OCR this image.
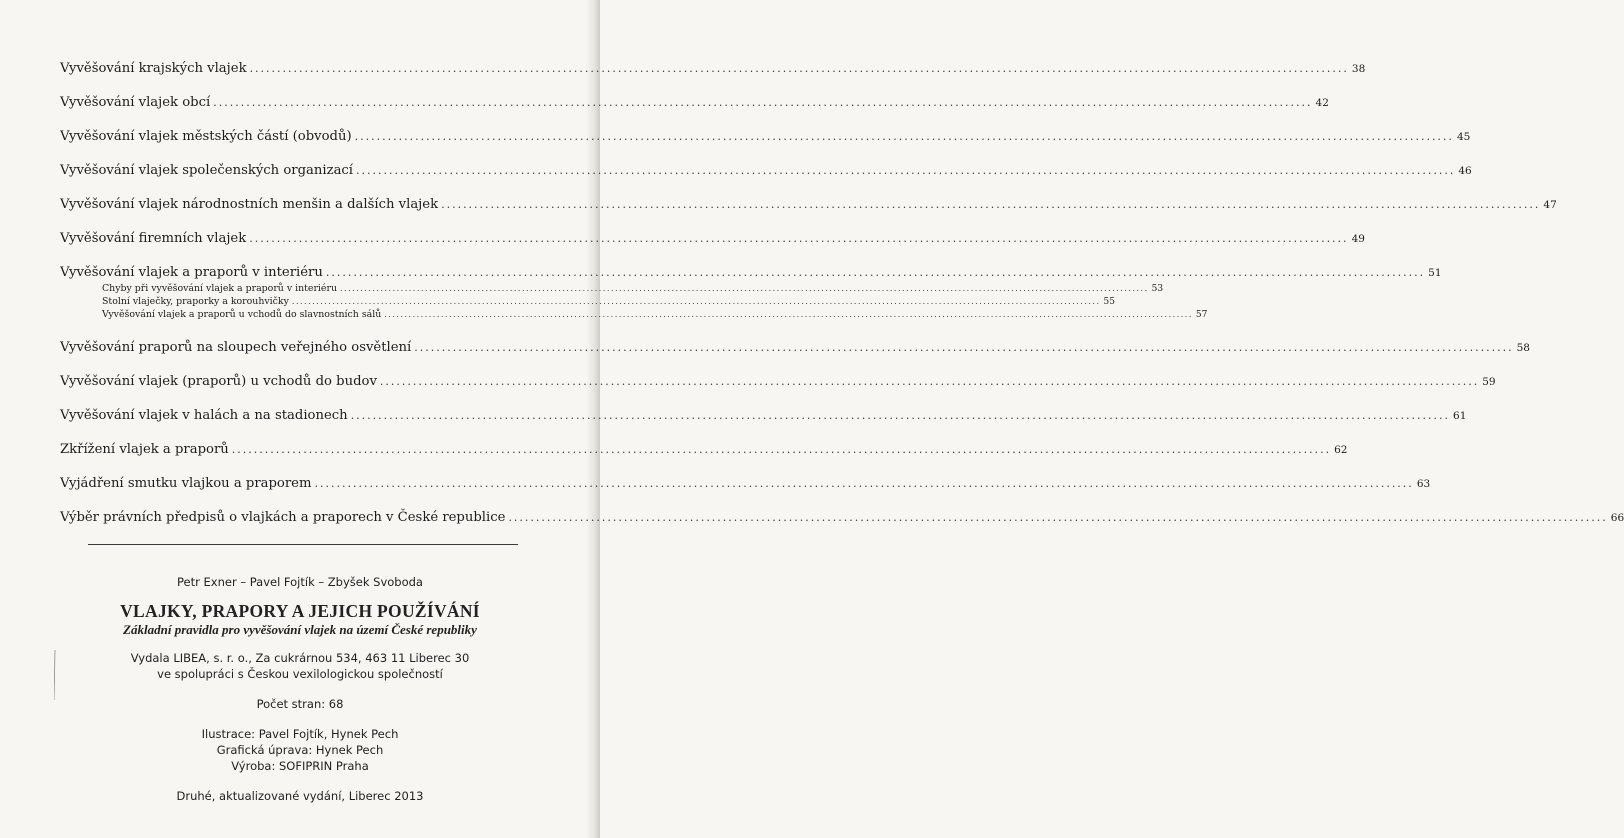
Vyvěšování krajských vlajek ........................................................................................................................................................................................................ 38
Vyvěšování vlajek obcí ........................................................................................................................................................................................................ 42
Vyvěšování vlajek městských částí (obvodů) ........................................................................................................................................................................................................ 45
Vyvěšování vlajek společenských organizací ........................................................................................................................................................................................................ 46
Vyvěšování vlajek národnostních menšin a dalších vlajek ........................................................................................................................................................................................................ 47
Vyvěšování firemních vlajek ........................................................................................................................................................................................................ 49
Vyvěšování vlajek a praporů v interiéru ........................................................................................................................................................................................................ 51
Chyby při vyvěšování vlajek a praporů v interiéru ........................................................................................................................................................................................................ 53
Stolní vlaječky, praporky a korouhvičky ........................................................................................................................................................................................................ 55
Vyvěšování vlajek a praporů u vchodů do slavnostních sálů ........................................................................................................................................................................................................ 57
Vyvěšování praporů na sloupech veřejného osvětlení ........................................................................................................................................................................................................ 58
Vyvěšování vlajek (praporů) u vchodů do budov ........................................................................................................................................................................................................ 59
Vyvěšování vlajek v halách a na stadionech ........................................................................................................................................................................................................ 61
Zkřížení vlajek a praporů ........................................................................................................................................................................................................ 62
Vyjádření smutku vlajkou a praporem ........................................................................................................................................................................................................ 63
Výběr právních předpisů o vlajkách a praporech v České republice ........................................................................................................................................................................................................ 66
Petr Exner – Pavel Fojtík – Zbyšek Svoboda
VLAJKY, PRAPORY A JEJICH POUŽÍVÁNÍ
Základní pravidla pro vyvěšování vlajek na území České republiky
Vydala LIBEA, s. r. o., Za cukrárnou 534, 463 11 Liberec 30
ve spolupráci s Českou vexilologickou společností
Počet stran: 68
Ilustrace: Pavel Fojtík, Hynek Pech
Grafická úprava: Hynek Pech
Výroba: SOFIPRIN Praha
Druhé, aktualizované vydání, Liberec 2013
